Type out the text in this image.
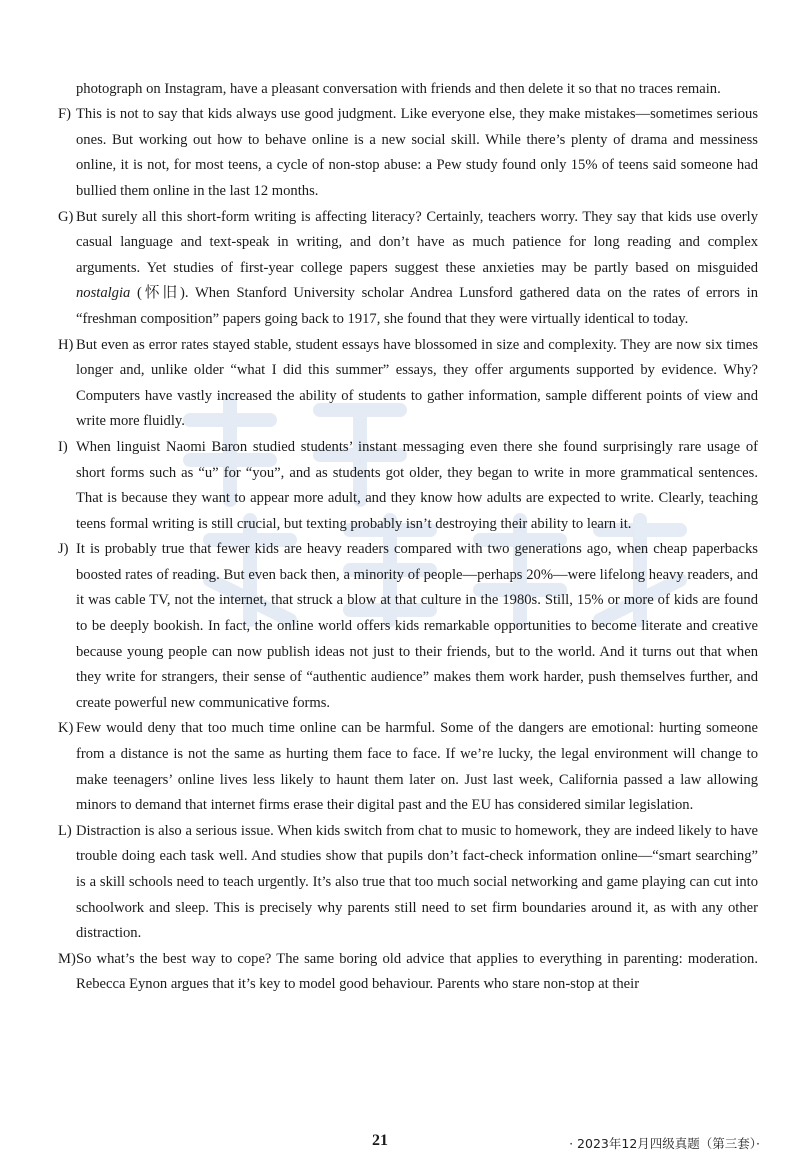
photograph on Instagram, have a pleasant conversation with friends and then delete it so that no traces remain.

F) This is not to say that kids always use good judgment. Like everyone else, they make mistakes—sometimes serious ones. But working out how to behave online is a new social skill. While there’s plenty of drama and messiness online, it is not, for most teens, a cycle of non-stop abuse: a Pew study found only 15% of teens said someone had bullied them online in the last 12 months.
G) But surely all this short-form writing is affecting literacy? Certainly, teachers worry. They say that kids use overly casual language and text-speak in writing, and don’t have as much patience for long reading and complex arguments. Yet studies of first-year college papers suggest these anxieties may be partly based on misguided nostalgia (怀旧). When Stanford University scholar Andrea Lunsford gathered data on the rates of errors in “freshman composition” papers going back to 1917, she found that they were virtually identical to today.
H) But even as error rates stayed stable, student essays have blossomed in size and complexity. They are now six times longer and, unlike older “what I did this summer” essays, they offer arguments supported by evidence. Why? Computers have vastly increased the ability of students to gather information, sample different points of view and write more fluidly.
I) When linguist Naomi Baron studied students’ instant messaging even there she found surprisingly rare usage of short forms such as “u” for “you”, and as students got older, they began to write in more grammatical sentences. That is because they want to appear more adult, and they know how adults are expected to write. Clearly, teaching teens formal writing is still crucial, but texting probably isn’t destroying their ability to learn it.
J) It is probably true that fewer kids are heavy readers compared with two generations ago, when cheap paperbacks boosted rates of reading. But even back then, a minority of people—perhaps 20%—were lifelong heavy readers, and it was cable TV, not the internet, that struck a blow at that culture in the 1980s. Still, 15% or more of kids are found to be deeply bookish. In fact, the online world offers kids remarkable opportunities to become literate and creative because young people can now publish ideas not just to their friends, but to the world. And it turns out that when they write for strangers, their sense of “authentic audience” makes them work harder, push themselves further, and create powerful new communicative forms.
K) Few would deny that too much time online can be harmful. Some of the dangers are emotional: hurting someone from a distance is not the same as hurting them face to face. If we’re lucky, the legal environment will change to make teenagers’ online lives less likely to haunt them later on. Just last week, California passed a law allowing minors to demand that internet firms erase their digital past and the EU has considered similar legislation.
L) Distraction is also a serious issue. When kids switch from chat to music to homework, they are indeed likely to have trouble doing each task well. And studies show that pupils don’t fact-check information online—“smart searching” is a skill schools need to teach urgently. It’s also true that too much social networking and game playing can cut into schoolwork and sleep. This is precisely why parents still need to set firm boundaries around it, as with any other distraction.
M) So what’s the best way to cope? The same boring old advice that applies to everything in parenting: moderation. Rebecca Eynon argues that it’s key to model good behaviour. Parents who stare non-stop at their
21	· 2023年12月四级真题（第三套）·
